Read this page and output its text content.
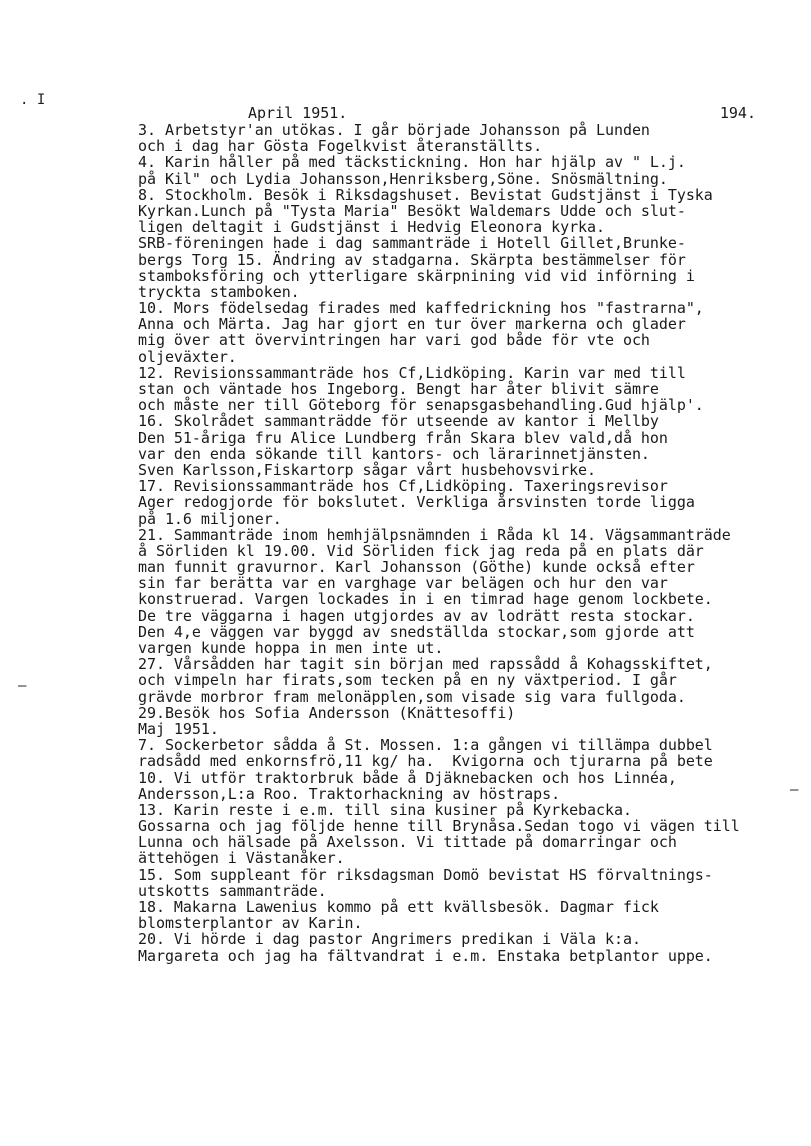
. I
–
–
April 1951.	194.
3. Arbetstyr'an utökas. I går började Johansson på Lunden
och i dag har Gösta Fogelkvist återanställts.
4. Karin håller på med täckstickning. Hon har hjälp av " L.j.
på Kil" och Lydia Johansson,Henriksberg,Söne. Snösmältning.
8. Stockholm. Besök i Riksdagshuset. Bevistat Gudstjänst i Tyska
Kyrkan.Lunch på "Tysta Maria" Besökt Waldemars Udde och slut-
ligen deltagit i Gudstjänst i Hedvig Eleonora kyrka.
SRB-föreningen hade i dag sammanträde i Hotell Gillet,Brunke-
bergs Torg 15. Ändring av stadgarna. Skärpta bestämmelser för
stamboksföring och ytterligare skärpnining vid vid införning i
tryckta stamboken.
10. Mors födelsedag firades med kaffedrickning hos "fastrarna",
Anna och Märta. Jag har gjort en tur över markerna och glader
mig över att övervintringen har vari god både för vte och
oljeväxter.
12. Revisionssammanträde hos Cf,Lidköping. Karin var med till
stan och väntade hos Ingeborg. Bengt har åter blivit sämre
och måste ner till Göteborg för senapsgasbehandling.Gud hjälp'.
16. Skolrådet sammanträdde för utseende av kantor i Mellby
Den 51-åriga fru Alice Lundberg från Skara blev vald,då hon
var den enda sökande till kantors- och lärarinnetjänsten.
Sven Karlsson,Fiskartorp sågar vårt husbehovsvirke.
17. Revisionssammanträde hos Cf,Lidköping. Taxeringsrevisor
Ager redogjorde för bokslutet. Verkliga årsvinsten torde ligga
på 1.6 miljoner.
21. Sammanträde inom hemhjälpsnämnden i Råda kl 14. Vägsammanträde
å Sörliden kl 19.00. Vid Sörliden fick jag reda på en plats där
man funnit gravurnor. Karl Johansson (Göthe) kunde också efter
sin far berätta var en varghage var belägen och hur den var
konstruerad. Vargen lockades in i en timrad hage genom lockbete.
De tre väggarna i hagen utgjordes av av lodrätt resta stockar.
Den 4,e väggen var byggd av snedställda stockar,som gjorde att
vargen kunde hoppa in men inte ut.
27. Vårsådden har tagit sin början med rapssådd å Kohagsskiftet,
och vimpeln har firats,som tecken på en ny växtperiod. I går
grävde morbror fram melonäpplen,som visade sig vara fullgoda.
29.Besök hos Sofia Andersson (Knättesoffi)
Maj 1951.
7. Sockerbetor sådda å St. Mossen. 1:a gången vi tillämpa dubbel
radsådd med enkornsfrö,11 kg/ ha.  Kvigorna och tjurarna på bete
10. Vi utför traktorbruk både å Djäknebacken och hos Linnéa,
Andersson,L:a Roo. Traktorhackning av höstraps.
13. Karin reste i e.m. till sina kusiner på Kyrkebacka.
Gossarna och jag följde henne till Brynåsa.Sedan togo vi vägen till
Lunna och hälsade på Axelsson. Vi tittade på domarringar och
ättehögen i Västanåker.
15. Som suppleant för riksdagsman Domö bevistat HS förvaltnings-
utskotts sammanträde.
18. Makarna Lawenius kommo på ett kvällsbesök. Dagmar fick
blomsterplantor av Karin.
20. Vi hörde i dag pastor Angrimers predikan i Väla k:a.
Margareta och jag ha fältvandrat i e.m. Enstaka betplantor uppe.
